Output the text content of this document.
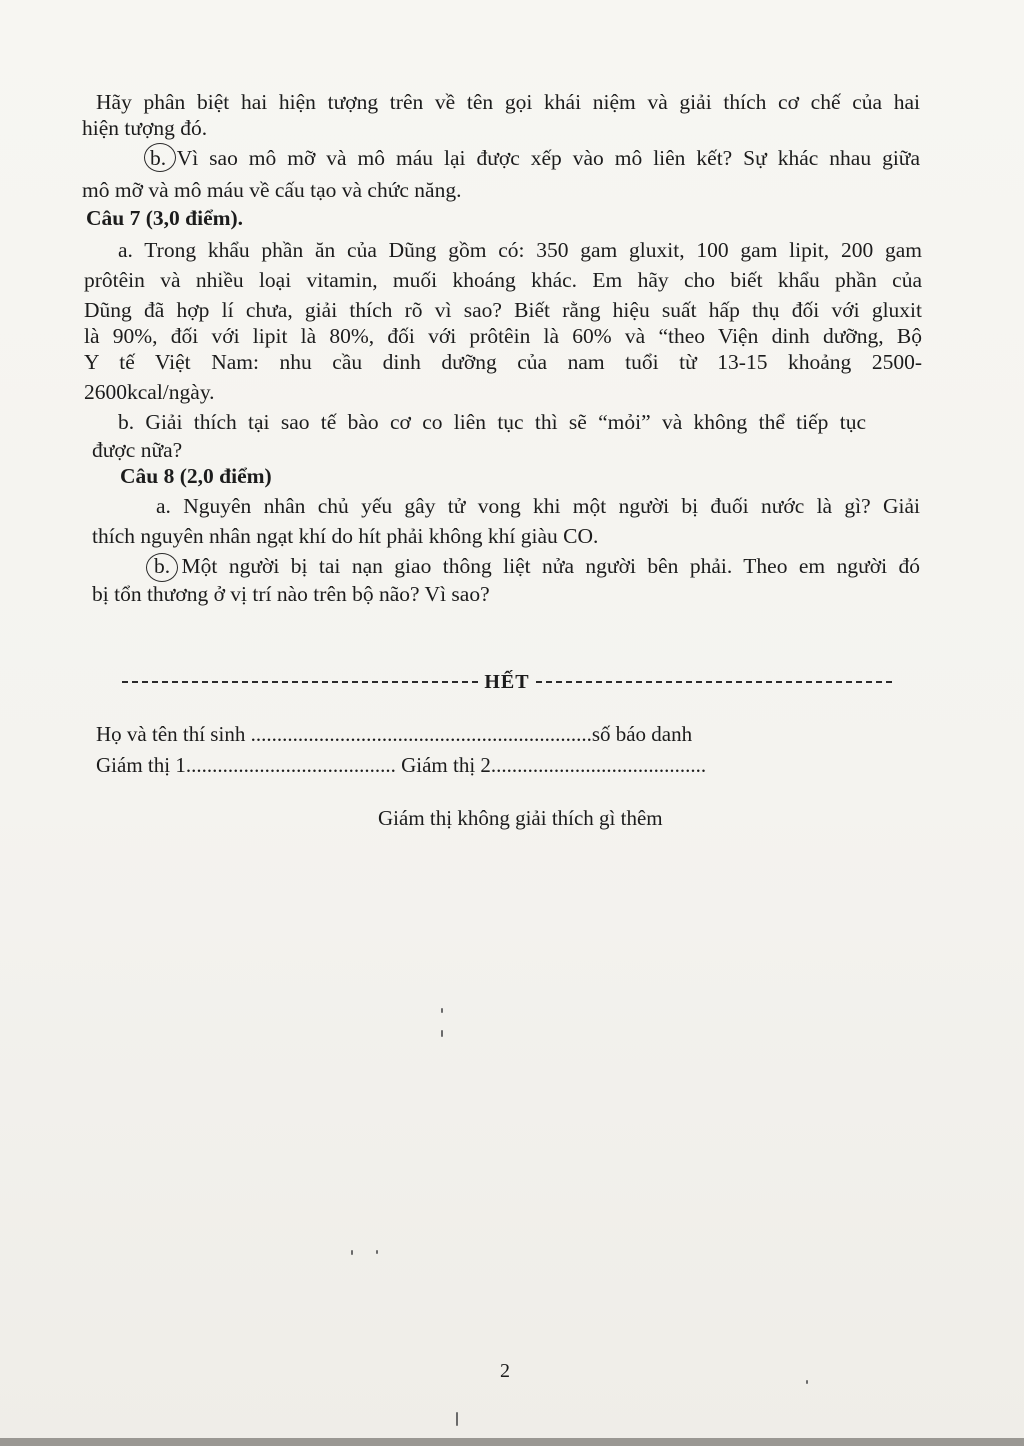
Hãy phân biệt hai hiện tượng trên về tên gọi khái niệm và giải thích cơ chế của hai
hiện tượng đó.
b. Vì sao mô mỡ và mô máu lại được xếp vào mô liên kết? Sự khác nhau giữa
mô mỡ và mô máu về cấu tạo và chức năng.
Câu 7 (3,0 điểm).
a. Trong khẩu phần ăn của Dũng gồm có: 350 gam gluxit, 100 gam lipit, 200 gam
prôtêin và nhiều loại vitamin, muối khoáng khác. Em hãy cho biết khẩu phần của
Dũng đã hợp lí chưa, giải thích rõ vì sao? Biết rằng hiệu suất hấp thụ đối với gluxit
là 90%, đối với lipit là 80%, đối với prôtêin là 60% và “theo Viện dinh dưỡng, Bộ
Y tế Việt Nam: nhu cầu dinh dưỡng của nam tuổi từ 13-15 khoảng 2500-
2600kcal/ngày.
b. Giải thích tại sao tế bào cơ co liên tục thì sẽ “mỏi” và không thể tiếp tục
được nữa?
Câu 8 (2,0 điểm)
a. Nguyên nhân chủ yếu gây tử vong khi một người bị đuối nước là gì? Giải
thích nguyên nhân ngạt khí do hít phải không khí giàu CO.
b. Một người bị tai nạn giao thông liệt nửa người bên phải. Theo em người đó
bị tổn thương ở vị trí nào trên bộ não? Vì sao?
HẾT
Họ và tên thí sinh .................................................................số báo danh
Giám thị 1........................................ Giám thị 2.........................................
Giám thị không giải thích gì thêm
2
